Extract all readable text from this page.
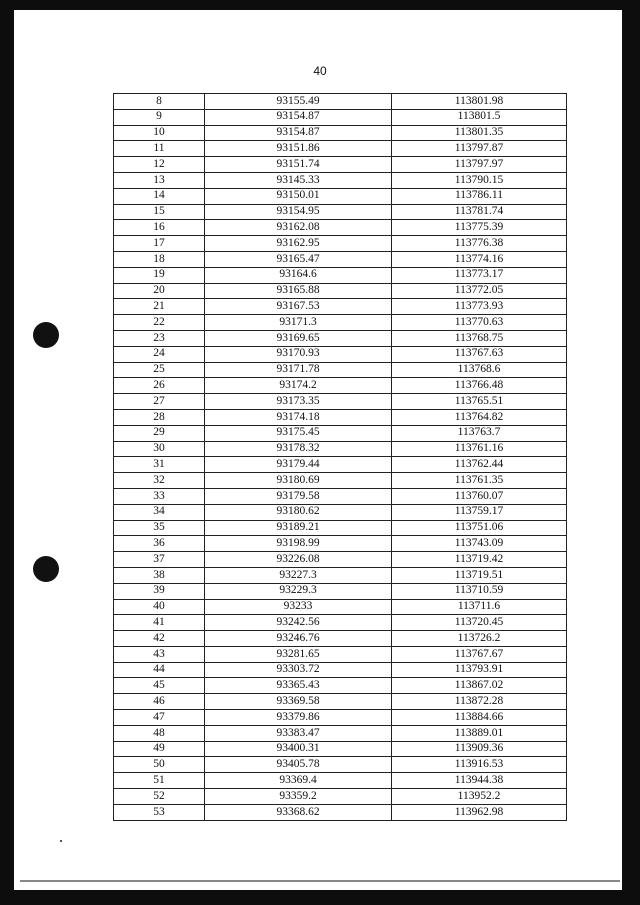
40
8	93155.49	113801.98
9	93154.87	113801.5
10	93154.87	113801.35
11	93151.86	113797.87
12	93151.74	113797.97
13	93145.33	113790.15
14	93150.01	113786.11
15	93154.95	113781.74
16	93162.08	113775.39
17	93162.95	113776.38
18	93165.47	113774.16
19	93164.6	113773.17
20	93165.88	113772.05
21	93167.53	113773.93
22	93171.3	113770.63
23	93169.65	113768.75
24	93170.93	113767.63
25	93171.78	113768.6
26	93174.2	113766.48
27	93173.35	113765.51
28	93174.18	113764.82
29	93175.45	113763.7
30	93178.32	113761.16
31	93179.44	113762.44
32	93180.69	113761.35
33	93179.58	113760.07
34	93180.62	113759.17
35	93189.21	113751.06
36	93198.99	113743.09
37	93226.08	113719.42
38	93227.3	113719.51
39	93229.3	113710.59
40	93233	113711.6
41	93242.56	113720.45
42	93246.76	113726.2
43	93281.65	113767.67
44	93303.72	113793.91
45	93365.43	113867.02
46	93369.58	113872.28
47	93379.86	113884.66
48	93383.47	113889.01
49	93400.31	113909.36
50	93405.78	113916.53
51	93369.4	113944.38
52	93359.2	113952.2
53	93368.62	113962.98
